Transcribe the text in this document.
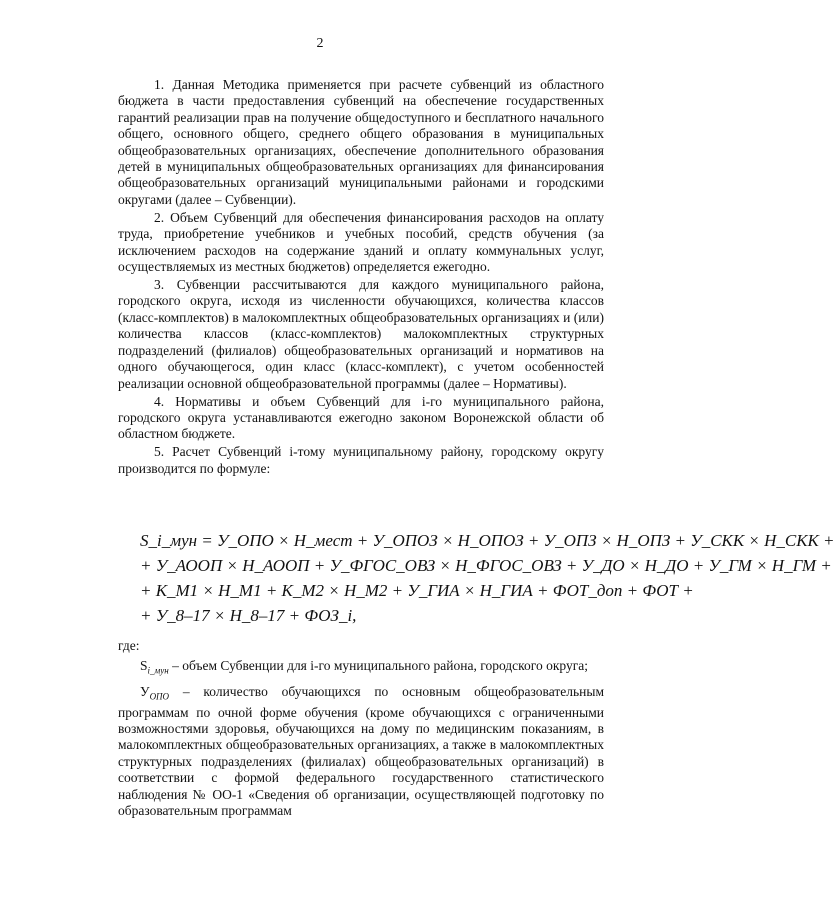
2

1. Данная Методика применяется при расчете субвенций из областного бюджета в части предоставления субвенций на обеспечение государственных гарантий реализации прав на получение общедоступного и бесплатного начального общего, основного общего, среднего общего образования в муниципальных общеобразовательных организациях, обеспечение дополнительного образования детей в муниципальных общеобразовательных организациях для финансирования общеобразовательных организаций муниципальными районами и городскими округами (далее – Субвенции).

2. Объем Субвенций для обеспечения финансирования расходов на оплату труда, приобретение учебников и учебных пособий, средств обучения (за исключением расходов на содержание зданий и оплату коммунальных услуг, осуществляемых из местных бюджетов) определяется ежегодно.

3. Субвенции рассчитываются для каждого муниципального района, городского округа, исходя из численности обучающихся, количества классов (класс-комплектов) в малокомплектных общеобразовательных организациях и (или) количества классов (класс-комплектов) малокомплектных структурных подразделений (филиалов) общеобразовательных организаций и нормативов на одного обучающегося, один класс (класс-комплект), с учетом особенностей реализации основной общеобразовательной программы (далее – Нормативы).

4. Нормативы и объем Субвенций для i-го муниципального района, городского округа устанавливаются ежегодно законом Воронежской области об областном бюджете.

5. Расчет Субвенций i-тому муниципальному району, городскому округу производится по формуле:

S_i_мун = У_ОПО × Н_мест + У_ОПОЗ × Н_ОПОЗ + У_ОПЗ × Н_ОПЗ + У_СКК × Н_СКК +
+ У_АООП × Н_АООП + У_ФГОС_ОВЗ × Н_ФГОС_ОВЗ + У_ДО × Н_ДО + У_ГМ × Н_ГМ +
+ К_М1 × Н_М1 + К_М2 × Н_М2 + У_ГИА × Н_ГИА + ФОТ_доп + ФОТ +
+ У_8–17 × Н_8–17 + ФОЗ_i,

где:

$S_{i\_мун}$ – объем Субвенции для i-го муниципального района, городского округа;

$У_{ОПО}$ – количество обучающихся по основным общеобразовательным программам по очной форме обучения (кроме обучающихся с ограниченными возможностями здоровья, обучающихся на дому по медицинским показаниям, в малокомплектных общеобразовательных организациях, а также в малокомплектных структурных подразделениях (филиалах) общеобразовательных организаций) в соответствии с формой федерального государственного статистического наблюдения № ОО-1 «Сведения об организации, осуществляющей подготовку по образовательным программам
